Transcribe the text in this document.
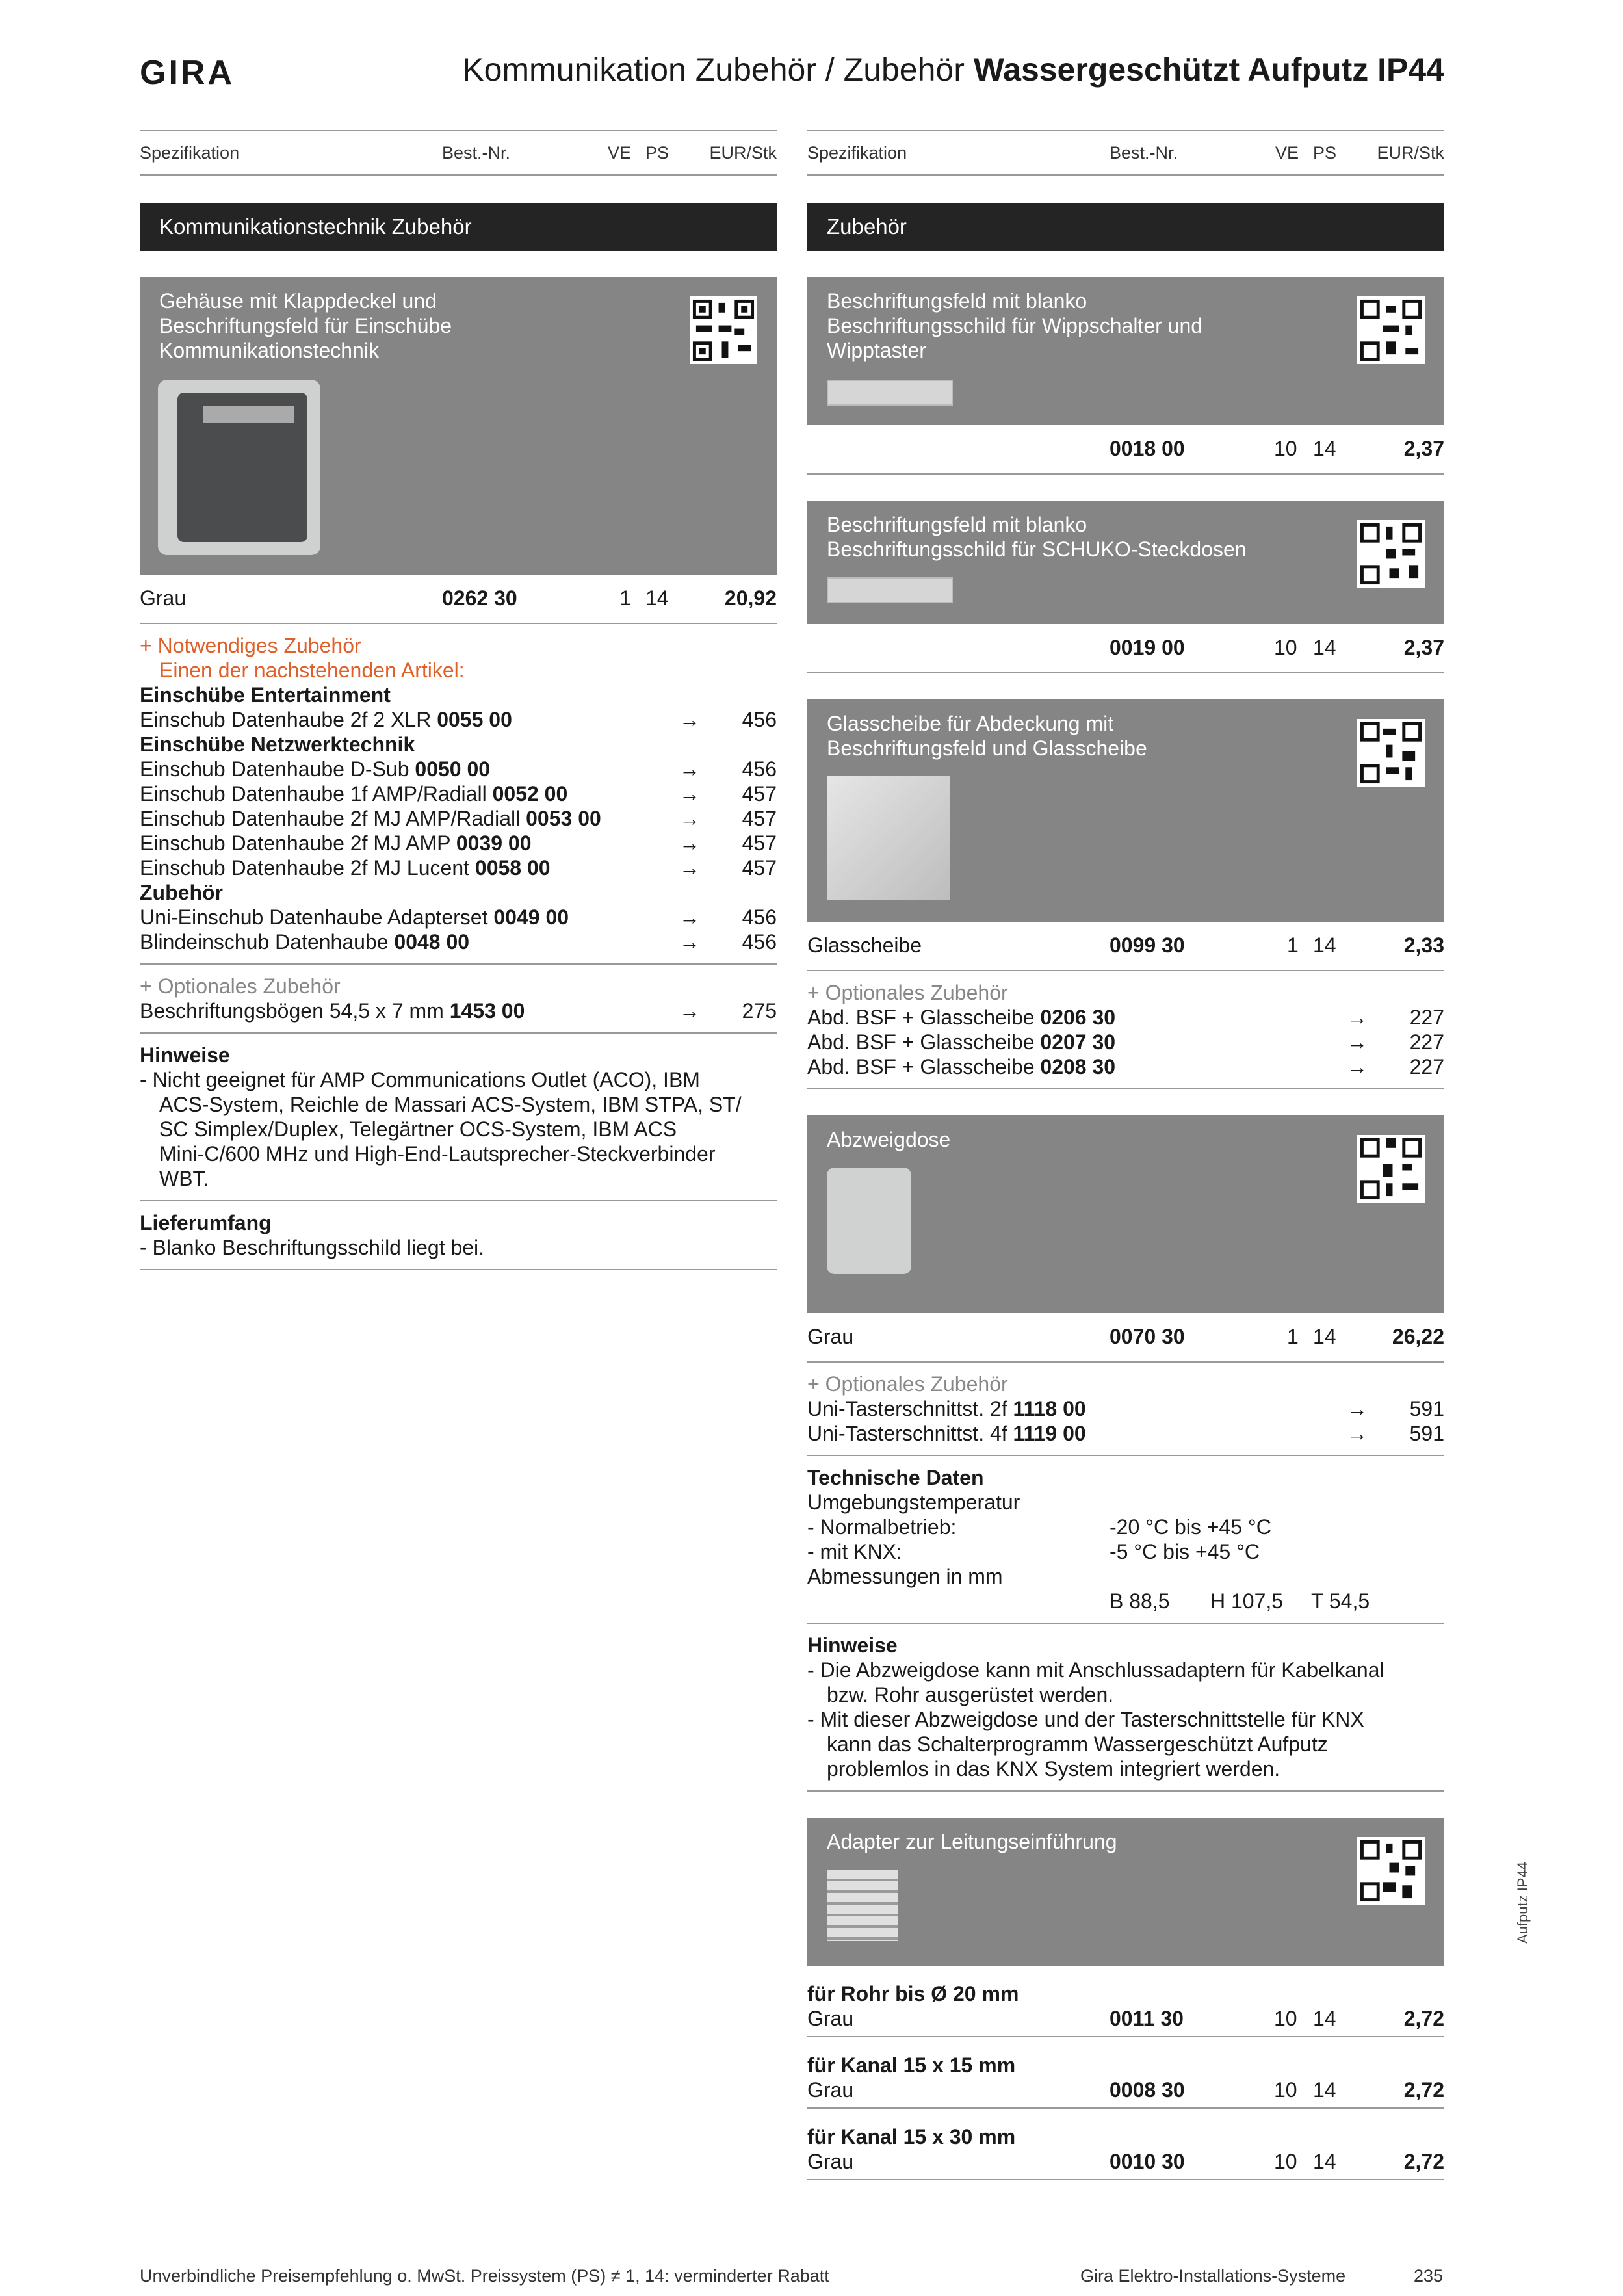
GIRA	Kommunikation Zubehör / Zubehör Wassergeschützt Aufputz IP44
Spezifikation	Best.-Nr.	VE PS EUR/Stk
Kommunikationstechnik Zubehör
Gehäuse mit Klappdeckel und
Beschriftungsfeld für Einschübe
Kommunikationstechnik
Grau	0262 30	1 14	20,92
+ Notwendiges Zubehör
Einen der nachstehenden Artikel:
Einschübe Entertainment
Einschub Datenhaube 2f 2 XLR 0055 00	→ 456
Einschübe Netzwerktechnik
Einschub Datenhaube D-Sub 0050 00	→ 456
Einschub Datenhaube 1f AMP/Radiall 0052 00	→ 457
Einschub Datenhaube 2f MJ AMP/Radiall 0053 00	→ 457
Einschub Datenhaube 2f MJ AMP 0039 00	→ 457
Einschub Datenhaube 2f MJ Lucent 0058 00	→ 457
Zubehör
Uni-Einschub Datenhaube Adapterset 0049 00	→ 456
Blindeinschub Datenhaube 0048 00	→ 456
+ Optionales Zubehör
Beschriftungsbögen 54,5 x 7 mm 1453 00	→ 275
Hinweise
- Nicht geeignet für AMP Communications Outlet (ACO), IBM
ACS-System, Reichle de Massari ACS-System, IBM STPA, ST/
SC Simplex/Duplex, Telegärtner OCS-System, IBM ACS
Mini-C/600 MHz und High-End-Lautsprecher-Steckverbinder
WBT.
Lieferumfang
- Blanko Beschriftungsschild liegt bei.
Spezifikation	Best.-Nr.	VE PS EUR/Stk
Zubehör
Beschriftungsfeld mit blanko
Beschriftungsschild für Wippschalter und
Wipptaster
0018 00	10 14	2,37
Beschriftungsfeld mit blanko
Beschriftungsschild für SCHUKO-Steckdosen
0019 00	10 14	2,37
Glasscheibe für Abdeckung mit
Beschriftungsfeld und Glasscheibe
Glasscheibe	0099 30	1 14	2,33
+ Optionales Zubehör
Abd. BSF + Glasscheibe 0206 30	→ 227
Abd. BSF + Glasscheibe 0207 30	→ 227
Abd. BSF + Glasscheibe 0208 30	→ 227
Abzweigdose
Grau	0070 30	1 14	26,22
+ Optionales Zubehör
Uni-Tasterschnittst. 2f 1118 00	→ 591
Uni-Tasterschnittst. 4f 1119 00	→ 591
Technische Daten
Umgebungstemperatur
- Normalbetrieb:	-20 °C bis +45 °C
- mit KNX:	-5 °C bis +45 °C
Abmessungen in mm
B 88,5 H 107,5 T 54,5
Hinweise
- Die Abzweigdose kann mit Anschlussadaptern für Kabelkanal
bzw. Rohr ausgerüstet werden.
- Mit dieser Abzweigdose und der Tasterschnittstelle für KNX
kann das Schalterprogramm Wassergeschützt Aufputz
problemlos in das KNX System integriert werden.
Adapter zur Leitungseinführung
für Rohr bis Ø 20 mm
Grau	0011 30	10 14	2,72
für Kanal 15 x 15 mm
Grau	0008 30	10 14	2,72
für Kanal 15 x 30 mm
Grau	0010 30	10 14	2,72
Aufputz IP44
Unverbindliche Preisempfehlung o. MwSt. Preissystem (PS) ≠ 1, 14: verminderter Rabatt	Gira Elektro-Installations-Systeme	235
